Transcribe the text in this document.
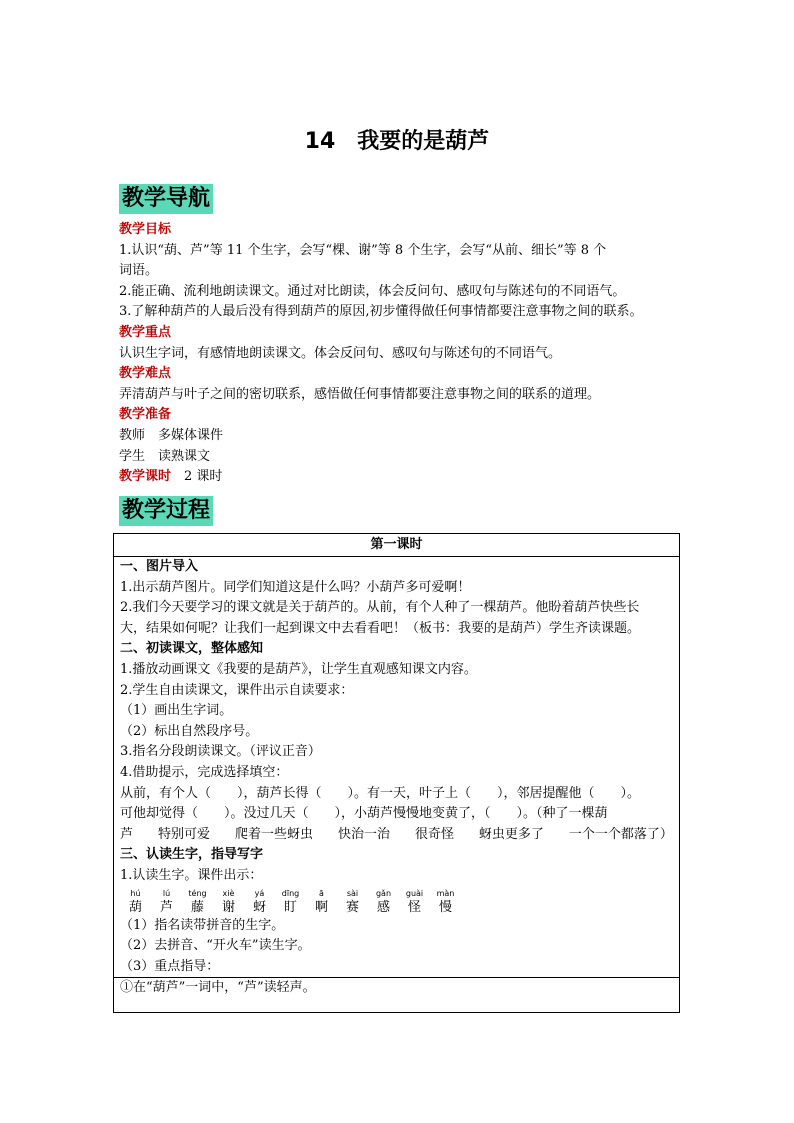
14 我要的是葫芦
教学导航

教学目标

1.认识“葫、芦”等 11 个生字，会写“棵、谢”等 8 个生字，会写“从前、细长”等 8 个

词语。

2.能正确、流利地朗读课文。通过对比朗读，体会反问句、感叹句与陈述句的不同语气。

3.了解种葫芦的人最后没有得到葫芦的原因,初步懂得做任何事情都要注意事物之间的联系。

教学重点

认识生字词，有感情地朗读课文。体会反问句、感叹句与陈述句的不同语气。

教学难点

弄清葫芦与叶子之间的密切联系，感悟做任何事情都要注意事物之间的联系的道理。

教学准备

教师　多媒体课件

学生　读熟课文

教学课时　 2 课时

教学过程

第一课时

一、图片导入

1.出示葫芦图片。同学们知道这是什么吗？小葫芦多可爱啊！

2.我们今天要学习的课文就是关于葫芦的。从前，有个人种了一棵葫芦。他盼着葫芦快些长

大，结果如何呢？让我们一起到课文中去看看吧！（板书：我要的是葫芦）学生齐读课题。

二、初读课文，整体感知

1.播放动画课文《我要的是葫芦》，让学生直观感知课文内容。

2.学生自由读课文，课件出示自读要求：

（1）画出生字词。

（2）标出自然段序号。

3.指名分段朗读课文。（评议正音）

4.借助提示，完成选择填空：

从前，有个人（　　），葫芦长得（　　）。有一天，叶子上（　　），邻居提醒他（　　）。

可他却觉得（　　）。没过几天（　　），小葫芦慢慢地变黄了，（　　）。（种了一棵葫

芦 特别可爱 爬着一些蚜虫 快治一治 很奇怪 蚜虫更多了 一个一个都落了）

三、认读生字，指导写字

1.认读生字。课件出示：

hú
葫
lú
芦
téng
藤
xiè
谢
yá
蚜
dīng
盯
ā
啊
sài
赛
gǎn
感
guài
怪
màn
慢

（1）指名读带拼音的生字。

（2）去拼音、“开火车”读生字。

（3）重点指导：

①在“葫芦”一词中，“芦”读轻声。
